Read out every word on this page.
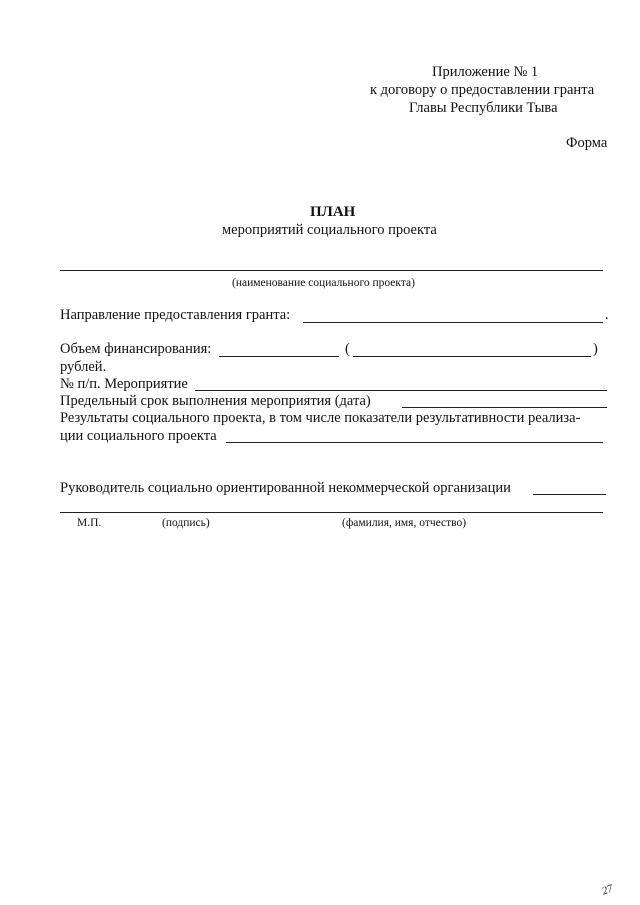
Приложение № 1
к договору о предоставлении гранта
Главы Республики Тыва
Форма
ПЛАН
мероприятий социального проекта
(наименование социального проекта)
Направление предоставления гранта:	.
Объем финансирования:	(	)
рублей.
№ п/п. Мероприятие
Предельный срок выполнения мероприятия (дата)
Результаты социального проекта, в том числе показатели результативности реализа-
ции социального проекта
Руководитель социально ориентированной некоммерческой организации
М.П.	(подпись)	(фамилия, имя, отчество)
27
